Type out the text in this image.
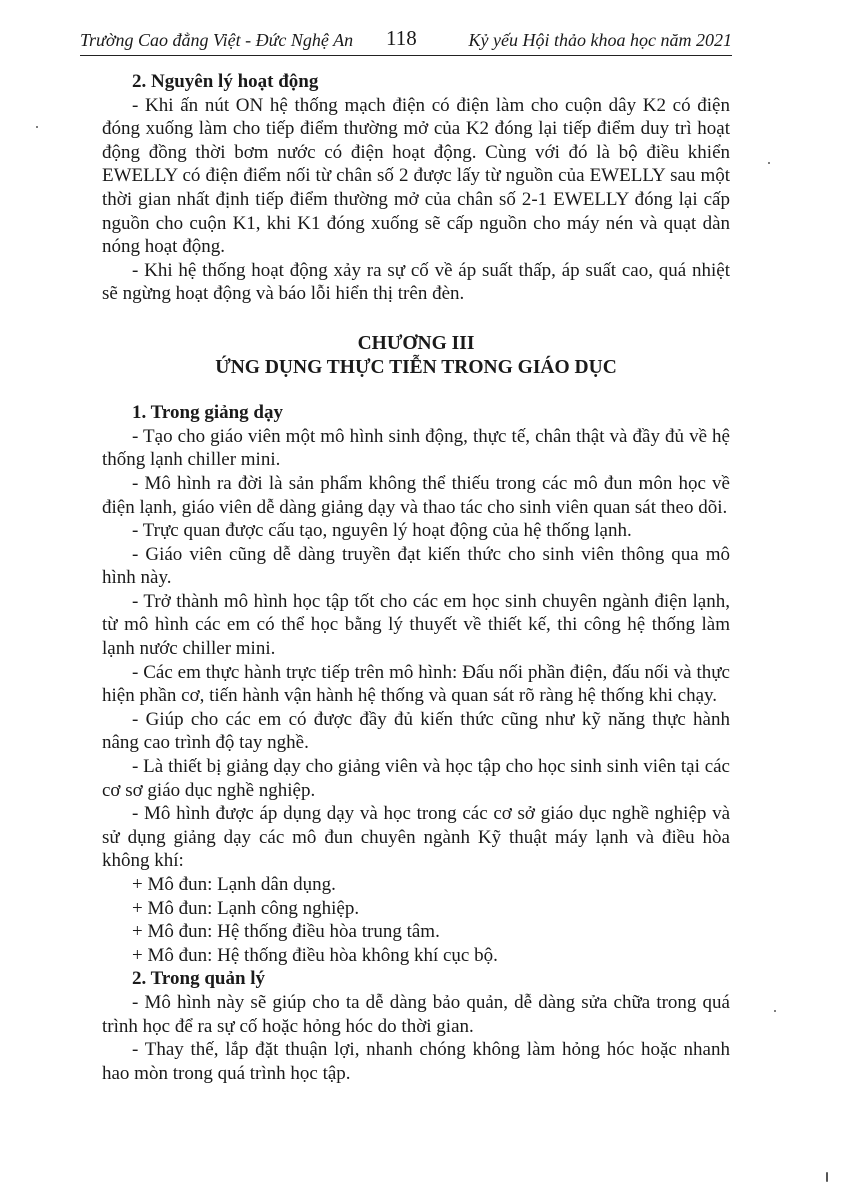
Trường Cao đẳng Việt - Đức Nghệ An 118	Kỷ yếu Hội thảo khoa học năm 2021

2. Nguyên lý hoạt động

- Khi ấn nút ON hệ thống mạch điện có điện làm cho cuộn dây K2 có điện đóng xuống làm cho tiếp điểm thường mở của K2 đóng lại tiếp điểm duy trì hoạt động đồng thời bơm nước có điện hoạt động. Cùng với đó là bộ điều khiển EWELLY có điện điểm nối từ chân số 2 được lấy từ nguồn của EWELLY sau một thời gian nhất định tiếp điểm thường mở của chân số 2-1 EWELLY đóng lại cấp nguồn cho cuộn K1, khi K1 đóng xuống sẽ cấp nguồn cho máy nén và quạt dàn nóng hoạt động.

- Khi hệ thống hoạt động xảy ra sự cố về áp suất thấp, áp suất cao, quá nhiệt sẽ ngừng hoạt động và báo lỗi hiển thị trên đèn.

CHƯƠNG III

ỨNG DỤNG THỰC TIỄN TRONG GIÁO DỤC

1. Trong giảng dạy

- Tạo cho giáo viên một mô hình sinh động, thực tế, chân thật và đầy đủ về hệ thống lạnh chiller mini.

- Mô hình ra đời là sản phẩm không thể thiếu trong các mô đun môn học về điện lạnh, giáo viên dễ dàng giảng dạy và thao tác cho sinh viên quan sát theo dõi.

- Trực quan được cấu tạo, nguyên lý hoạt động của hệ thống lạnh.

- Giáo viên cũng dễ dàng truyền đạt kiến thức cho sinh viên thông qua mô hình này.

- Trở thành mô hình học tập tốt cho các em học sinh chuyên ngành điện lạnh, từ mô hình các em có thể học bằng lý thuyết về thiết kế, thi công hệ thống làm lạnh nước chiller mini.

- Các em thực hành trực tiếp trên mô hình: Đấu nối phần điện, đấu nối và thực hiện phần cơ, tiến hành vận hành hệ thống và quan sát rõ ràng hệ thống khi chạy.

- Giúp cho các em có được đầy đủ kiến thức cũng như kỹ năng thực hành nâng cao trình độ tay nghề.

- Là thiết bị giảng dạy cho giảng viên và học tập cho học sinh sinh viên tại các cơ sơ giáo dục nghề nghiệp.

- Mô hình được áp dụng dạy và học trong các cơ sở giáo dục nghề nghiệp và sử dụng giảng dạy các mô đun chuyên ngành Kỹ thuật máy lạnh và điều hòa không khí:

+ Mô đun: Lạnh dân dụng.

+ Mô đun: Lạnh công nghiệp.

+ Mô đun: Hệ thống điều hòa trung tâm.

+ Mô đun: Hệ thống điều hòa không khí cục bộ.

2. Trong quản lý

- Mô hình này sẽ giúp cho ta dễ dàng bảo quản, dễ dàng sửa chữa trong quá trình học để ra sự cố hoặc hỏng hóc do thời gian.

- Thay thế, lắp đặt thuận lợi, nhanh chóng không làm hỏng hóc hoặc nhanh hao mòn trong quá trình học tập.
